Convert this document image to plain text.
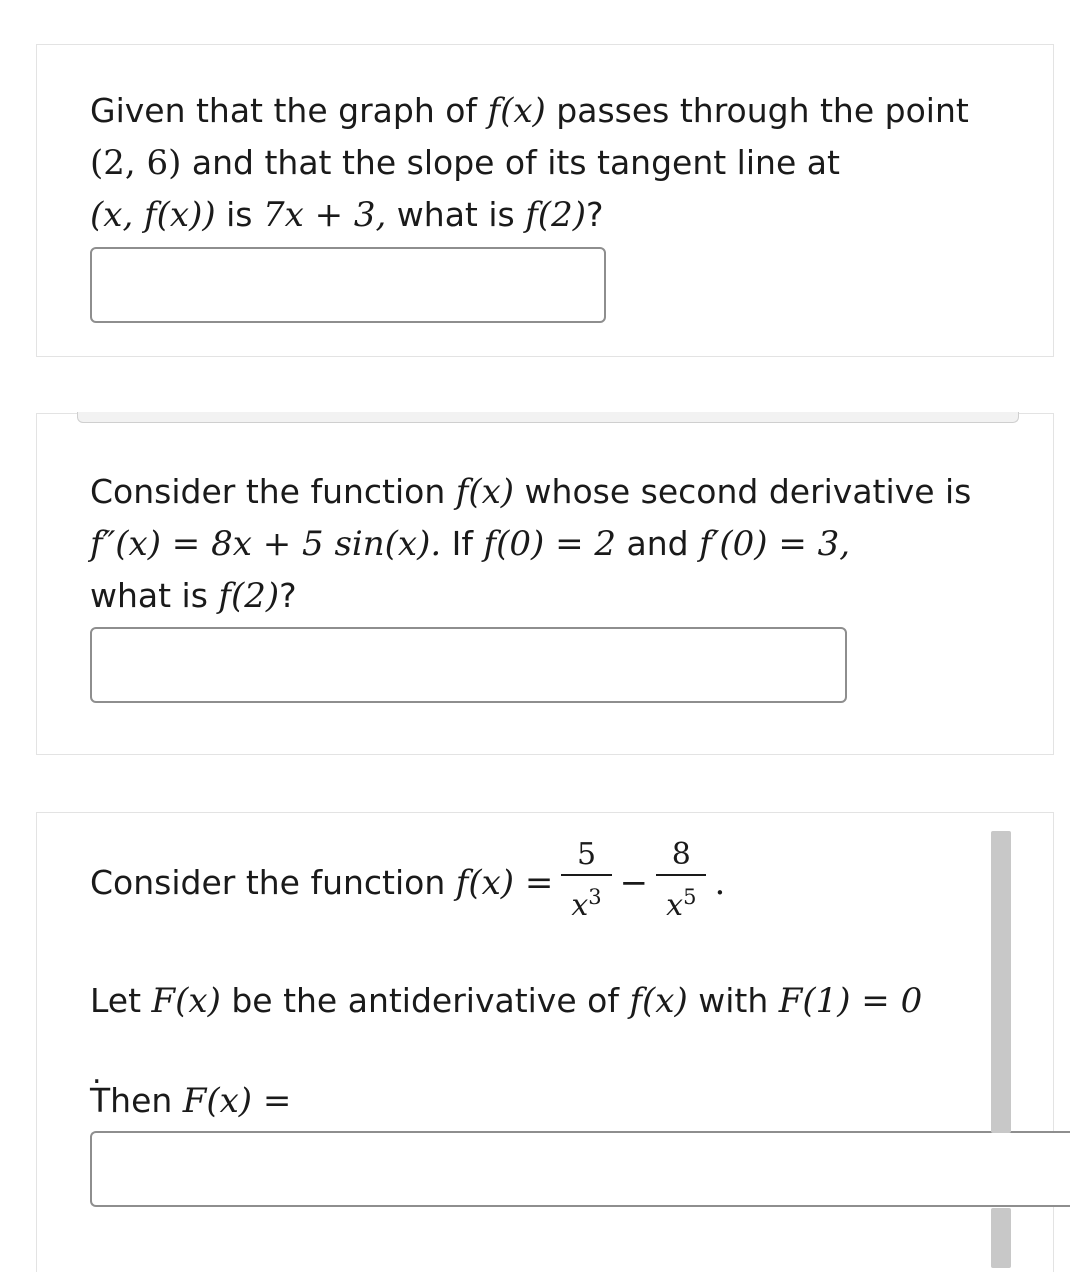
Given that the graph of f(x) passes through the point

(2, 6) and that the slope of its tangent line at

(x, f(x)) is 7x + 3, what is f(2)?

Consider the function f(x) whose second derivative is

f″(x) = 8x + 5 sin(x). If f(0) = 2 and f′(0) = 3,

what is f(2)?

Consider the function $f(x) = \frac{5}{x^3} - \frac{8}{x^5}$ .

Let F(x) be the antiderivative of f(x) with F(1) = 0

.

Then F(x) =
